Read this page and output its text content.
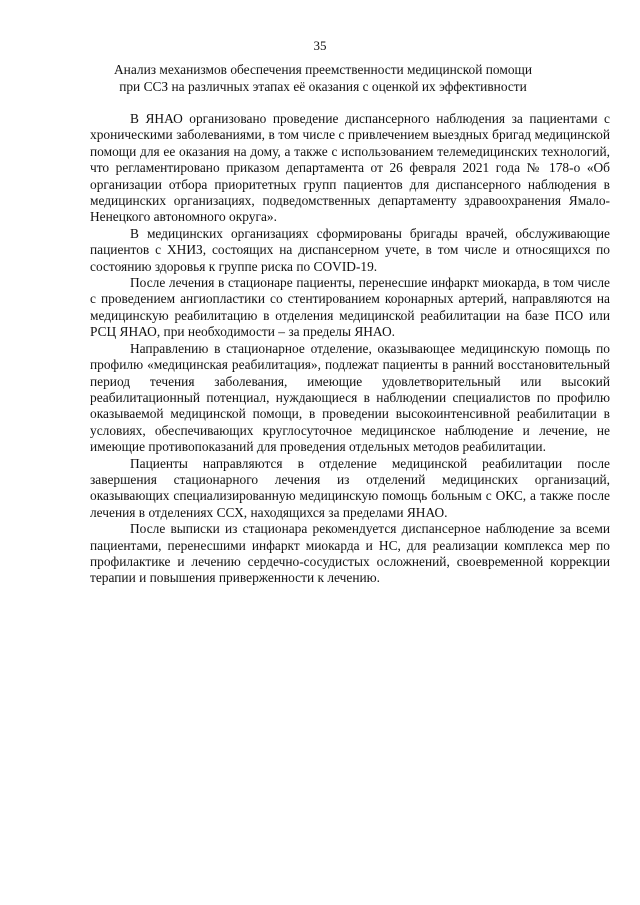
35
Анализ механизмов обеспечения преемственности медицинской помощи
при ССЗ на различных этапах её оказания с оценкой их эффективности

В ЯНАО организовано проведение диспансерного наблюдения за пациентами с хроническими заболеваниями, в том числе с привлечением выездных бригад медицинской помощи для ее оказания на дому, а также с использованием телемедицинских технологий, что регламентировано приказом департамента от 26 февраля 2021 года № 178-о «Об организации отбора приоритетных групп пациентов для диспансерного наблюдения в медицинских организациях, подведомственных департаменту здравоохранения Ямало-Ненецкого автономного округа».

В медицинских организациях сформированы бригады врачей, обслуживающие пациентов с ХНИЗ, состоящих на диспансерном учете, в том числе и относящихся по состоянию здоровья к группе риска по COVID-19.

После лечения в стационаре пациенты, перенесшие инфаркт миокарда, в том числе с проведением ангиопластики со стентированием коронарных артерий, направляются на медицинскую реабилитацию в отделения медицинской реабилитации на базе ПСО или РСЦ ЯНАО, при необходимости – за пределы ЯНАО.

Направлению в стационарное отделение, оказывающее медицинскую помощь по профилю «медицинская реабилитация», подлежат пациенты в ранний восстановительный период течения заболевания, имеющие удовлетворительный или высокий реабилитационный потенциал, нуждающиеся в наблюдении специалистов по профилю оказываемой медицинской помощи, в проведении высокоинтенсивной реабилитации в условиях, обеспечивающих круглосуточное медицинское наблюдение и лечение, не имеющие противопоказаний для проведения отдельных методов реабилитации.

Пациенты направляются в отделение медицинской реабилитации после завершения стационарного лечения из отделений медицинских организаций, оказывающих специализированную медицинскую помощь больным с ОКС, а также после лечения в отделениях ССХ, находящихся за пределами ЯНАО.

После выписки из стационара рекомендуется диспансерное наблюдение за всеми пациентами, перенесшими инфаркт миокарда и НС, для реализации комплекса мер по профилактике и лечению сердечно-сосудистых осложнений, своевременной коррекции терапии и повышения приверженности к лечению.
